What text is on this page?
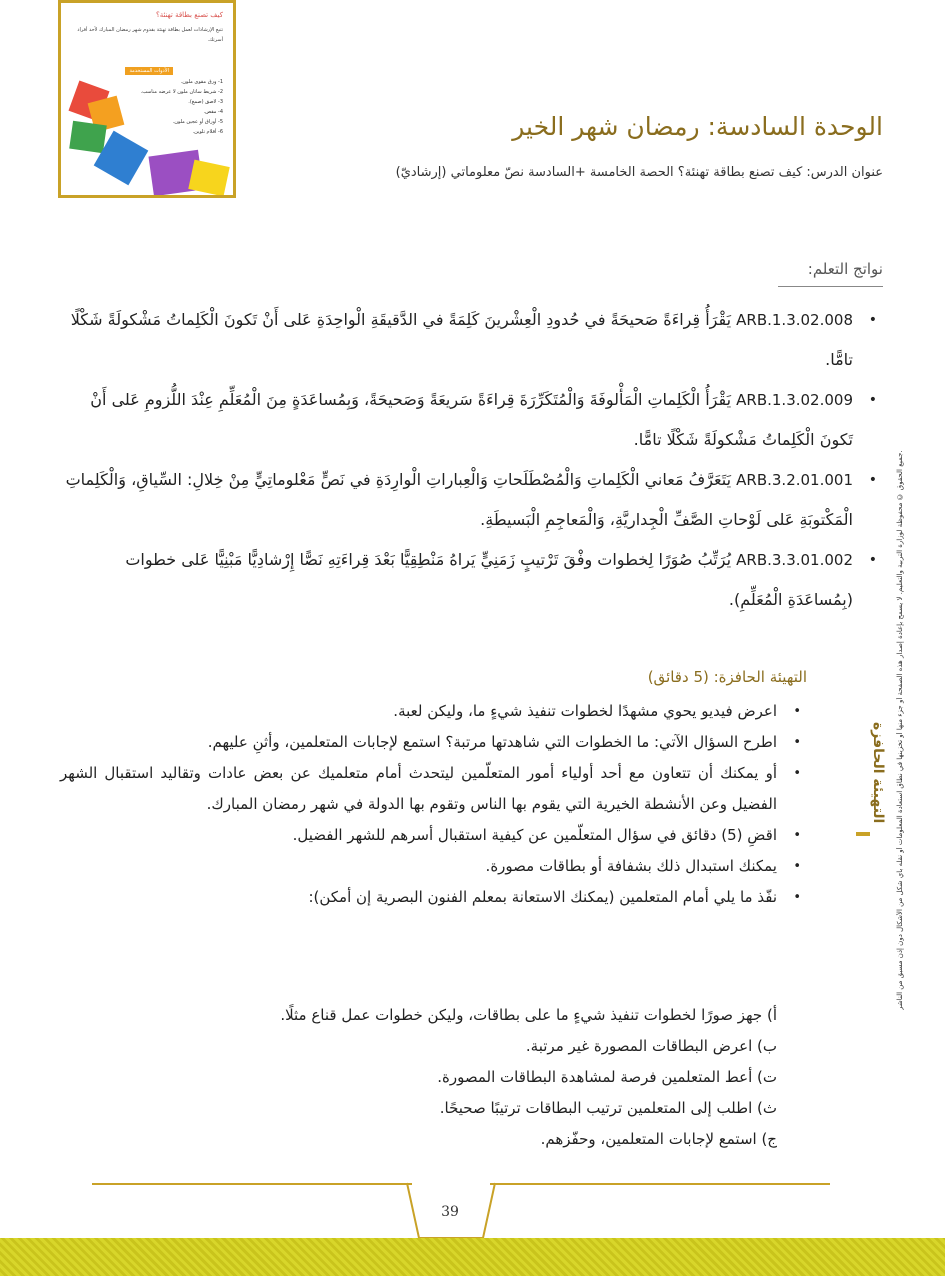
كيف تصنع بطاقة تهنئة؟
تتبع الإرشادات لعمل بطاقة تهنئة بقدوم شهر رمضان المبارك لأحد أفراد
أسرتك.
الأدوات المستخدمة
1- ورق مقوى ملون.
2- شريط ساتان ملون لا عرضه مناسب.
3- لاصق (صمغ).
4- مقص.
5- أوراق أو عجين ملون.
6- أقلام تلوين.	الوحدة السادسة: رمضان شهر الخير
عنوان الدرس: كيف تصنع بطاقة تهنئة؟ الحصة الخامسة +السادسة نصّ معلوماتي (إرشاديّ)
نواتج التعلم:
• ARB.1.3.02.008 يَقْرَأُ قِراءَةً صَحيحَةً في حُدودِ الْعِشْرينَ كَلِمَةً في الدَّقيقَةِ الْواحِدَةِ عَلى أَنْ تَكونَ الْكَلِماتُ مَشْكولَةً شَكْلًا تامًّا.
• ARB.1.3.02.009 يَقْرَأُ الْكَلِماتِ الْمَأْلوفَةَ وَالْمُتَكَرِّرَةَ قِراءَةً سَريعَةً وَصَحيحَةً، وَبِمُساعَدَةٍ مِنَ الْمُعَلِّمِ عِنْدَ اللُّزومِ عَلى أَنْ تَكونَ الْكَلِماتُ مَشْكولَةً شَكْلًا تامًّا.
• ARB.3.2.01.001 يَتَعَرَّفُ مَعاني الْكَلِماتِ وَالْمُصْطَلَحاتِ وَالْعِباراتِ الْوارِدَةِ في نَصٍّ مَعْلوماتِيٍّ مِنْ خِلالِ: السِّياقِ، وَالْكَلِماتِ الْمَكْتوبَةِ عَلى لَوْحاتِ الصَّفِّ الْجِداريَّةِ، وَالْمَعاجِمِ الْبَسيطَةِ.
• ARB.3.3.01.002 يُرَتِّبُ صُوَرًا لِخطوات وفْقَ تَرْتيبٍ زَمَنِيٍّ يَراهُ مَنْطِقِيًّا بَعْدَ قِراءَتِهِ نَصًّا إِرْشادِيًّا مَبْنِيًّا عَلى خطوات (بِمُساعَدَةِ الْمُعَلِّمِ).
التهيئة الحافزة: (5 دقائق)
• اعرض فيديو يحوي مشهدًا لخطوات تنفيذ شيءٍ ما، وليكن لعبة.
• اطرح السؤال الآتي: ما الخطوات التي شاهدتها مرتبة؟ استمع لإجابات المتعلمين، وأثنِ عليهم.
• أو يمكنك أن تتعاون مع أحد أولياء أمور المتعلّمين ليتحدث أمام متعلميك عن بعض عادات وتقاليد استقبال الشهر الفضيل وعن الأنشطة الخيرية التي يقوم بها الناس وتقوم بها الدولة في شهر رمضان المبارك.
• اقضِ (5) دقائق في سؤال المتعلّمين عن كيفية استقبال أسرهم للشهر الفضيل.
• يمكنك استبدال ذلك بشفافة أو بطاقات مصورة.
• نفّذ ما يلي أمام المتعلمين (يمكنك الاستعانة بمعلم الفنون البصرية إن أمكن):
أ) جهز صورًا لخطوات تنفيذ شيءٍ ما على بطاقات، وليكن خطوات عمل قناع مثلًا.
ب) اعرض البطاقات المصورة غير مرتبة.
ت) أعط المتعلمين فرصة لمشاهدة البطاقات المصورة.
ث) اطلب إلى المتعلمين ترتيب البطاقات ترتيبًا صحيحًا.
ج) استمع لإجابات المتعلمين، وحفّزهم.
التهيئة الحافزة جميع الحقوق © محفوظة لوزارة التربية والتعليم. لا يسمح بإعادة إصدار هذه الصفحة أو جزء منها أو تخزينها في نطاق استعادة المعلومات أو نقله بأي شكل من الأشكال دون إذن مسبق من الناشر.
39
